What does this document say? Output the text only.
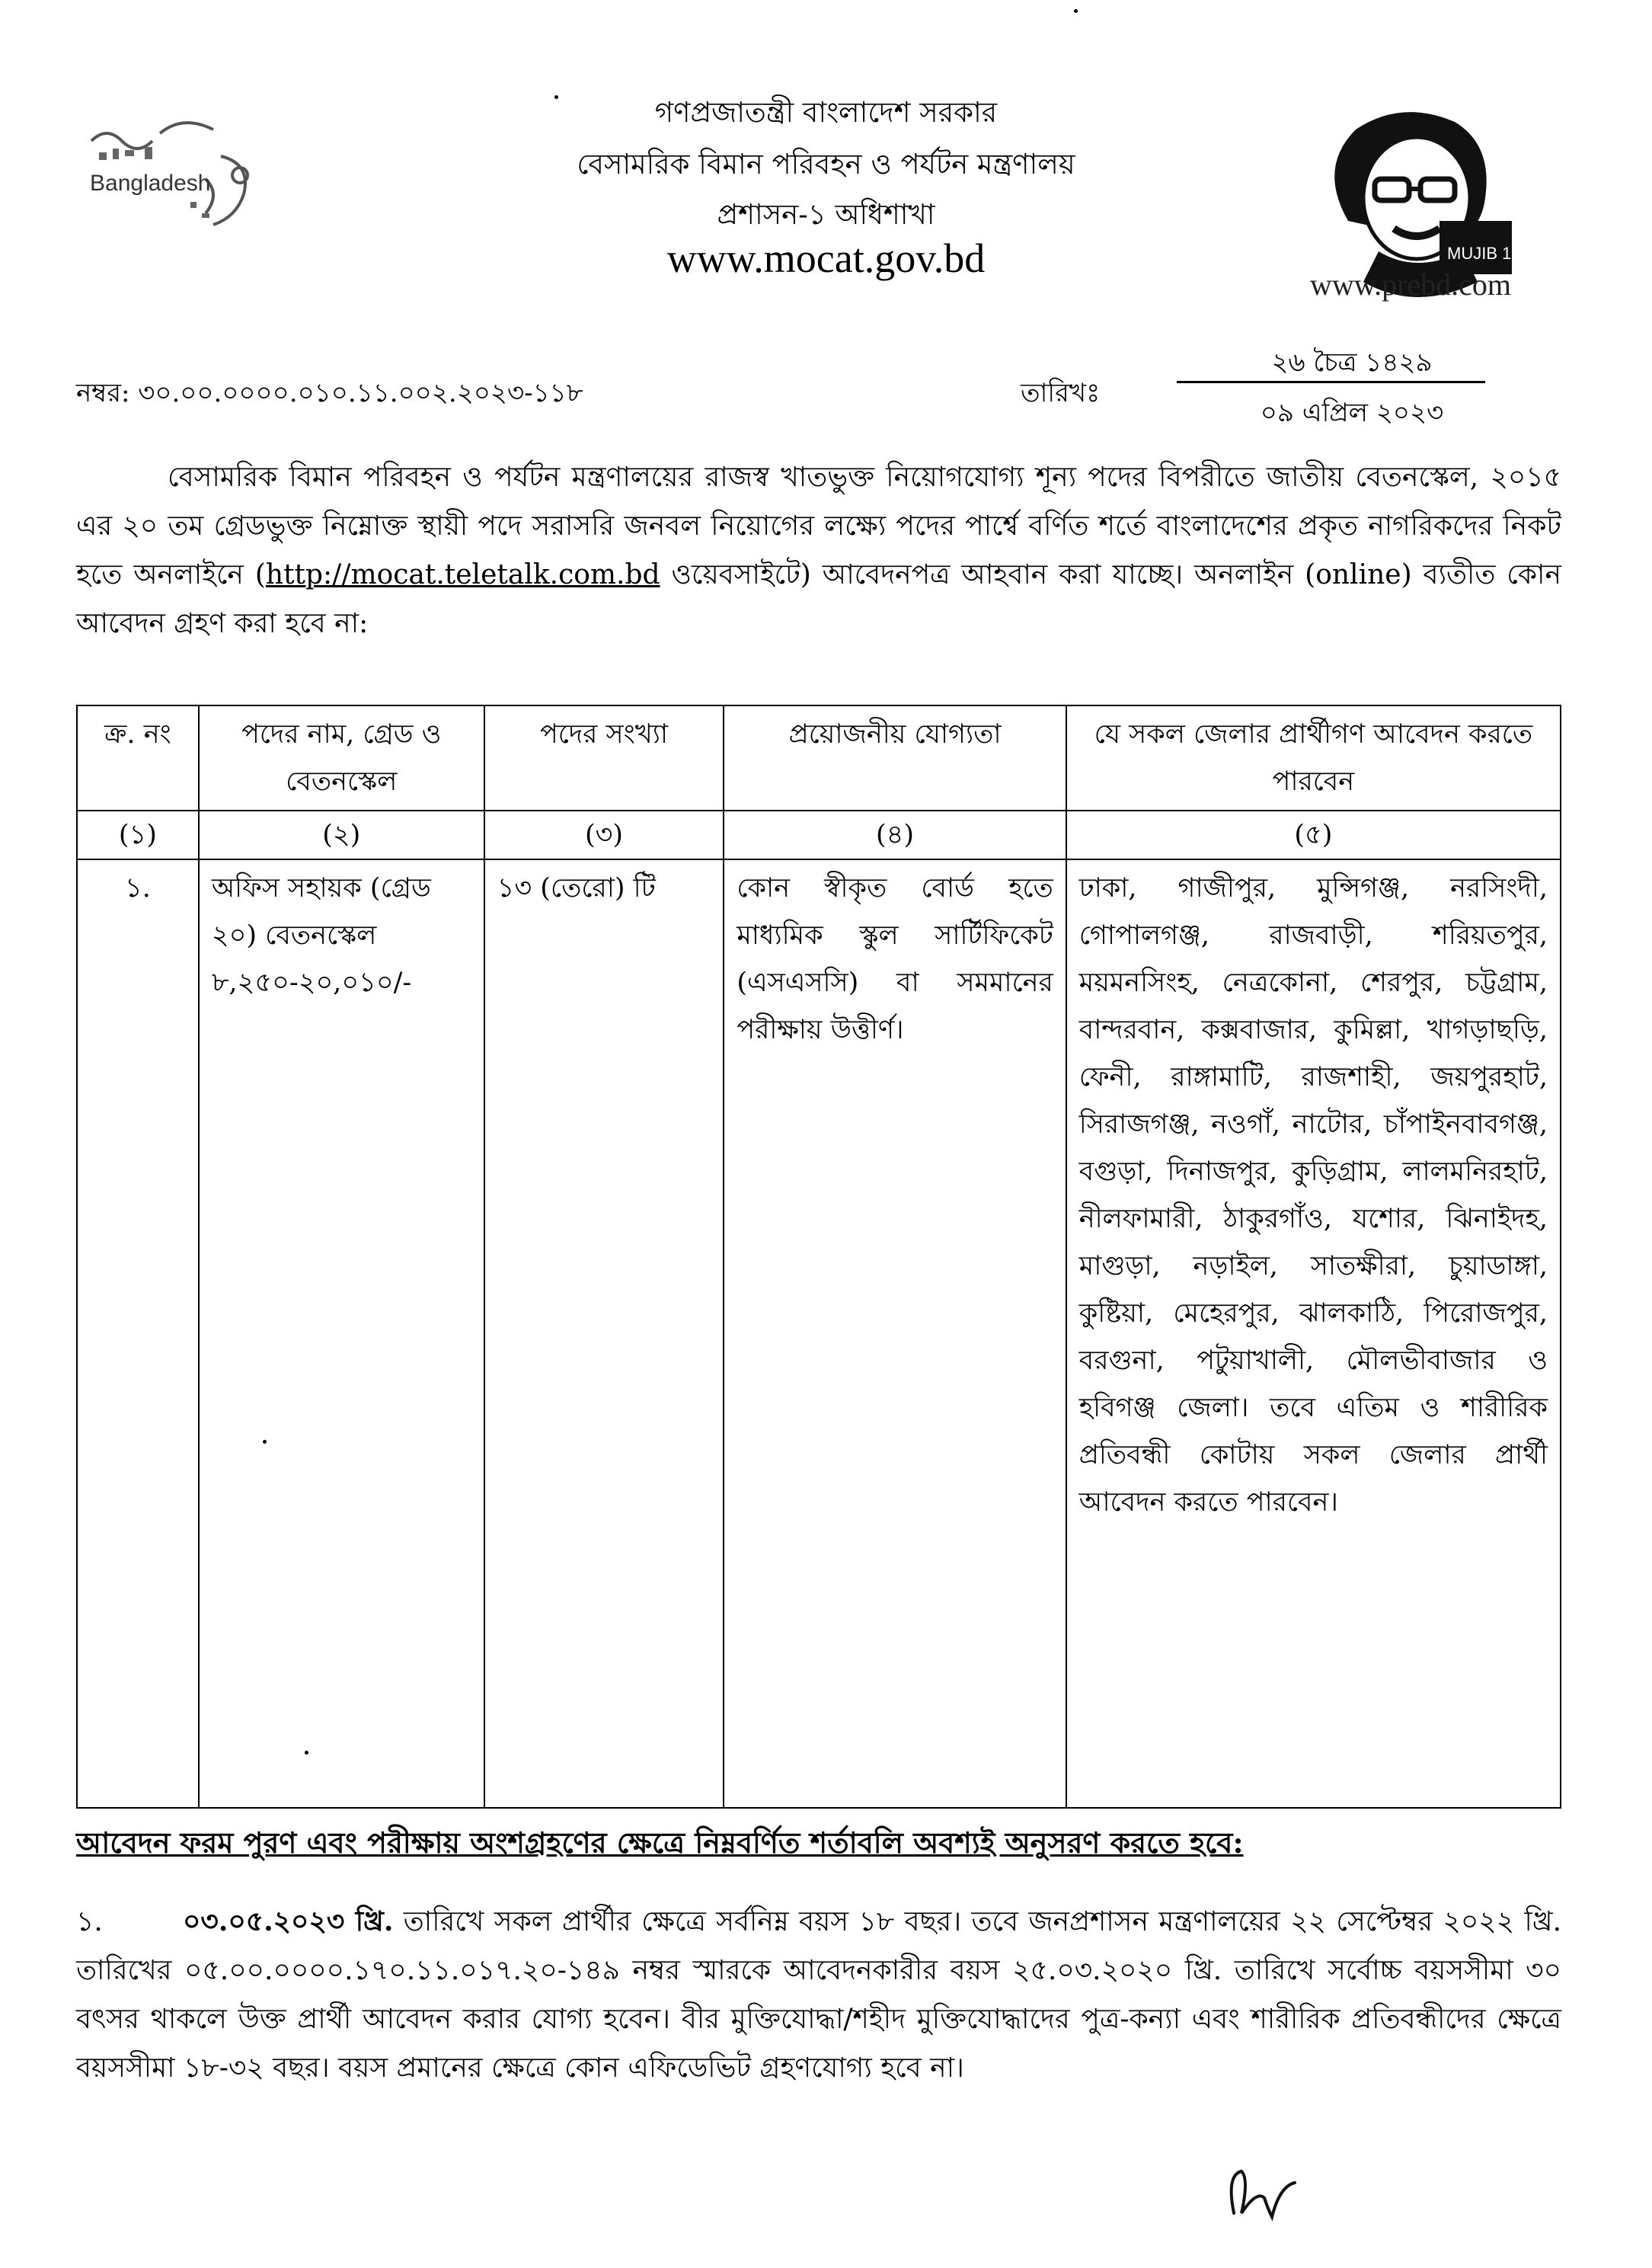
গণপ্রজাতন্ত্রী বাংলাদেশ সরকার
বেসামরিক বিমান পরিবহন ও পর্যটন মন্ত্রণালয়
প্রশাসন-১ অধিশাখা
www.mocat.gov.bd
Bangladesh
MUJIB 100
www.prebd.com
নম্বর: ৩০.০০.০০০০.০১০.১১.০০২.২০২৩-১১৮	তারিখঃ
২৬ চৈত্র ১৪২৯
০৯ এপ্রিল ২০২৩
বেসামরিক বিমান পরিবহন ও পর্যটন মন্ত্রণালয়ের রাজস্ব খাতভুক্ত নিয়োগযোগ্য শূন্য পদের বিপরীতে জাতীয় বেতনস্কেল, ২০১৫ এর ২০ তম গ্রেডভুক্ত নিম্নোক্ত স্থায়ী পদে সরাসরি জনবল নিয়োগের লক্ষ্যে পদের পার্শ্বে বর্ণিত শর্তে বাংলাদেশের প্রকৃত নাগরিকদের নিকট হতে অনলাইনে (http://mocat.teletalk.com.bd ওয়েবসাইটে) আবেদনপত্র আহবান করা যাচ্ছে। অনলাইন (online) ব্যতীত কোন আবেদন গ্রহণ করা হবে না:
ক্র. নং	পদের নাম, গ্রেড ও বেতনস্কেল	পদের সংখ্যা	প্রয়োজনীয় যোগ্যতা	যে সকল জেলার প্রার্থীগণ আবেদন করতে পারবেন
(১)	(২)	(৩)	(৪)	(৫)
১.	অফিস সহায়ক (গ্রেড ২০) বেতনস্কেল ৮,২৫০-২০,০১০/-	১৩ (তেরো) টি	কোন স্বীকৃত বোর্ড হতে মাধ্যমিক স্কুল সার্টিফিকেট (এসএসসি) বা সমমানের পরীক্ষায় উত্তীর্ণ।	ঢাকা, গাজীপুর, মুন্সিগঞ্জ, নরসিংদী, গোপালগঞ্জ, রাজবাড়ী, শরিয়তপুর, ময়মনসিংহ, নেত্রকোনা, শেরপুর, চট্টগ্রাম, বান্দরবান, কক্সবাজার, কুমিল্লা, খাগড়াছড়ি, ফেনী, রাঙ্গামাটি, রাজশাহী, জয়পুরহাট, সিরাজগঞ্জ, নওগাঁ, নাটোর, চাঁপাইনবাবগঞ্জ, বগুড়া, দিনাজপুর, কুড়িগ্রাম, লালমনিরহাট, নীলফামারী, ঠাকুরগাঁও, যশোর, ঝিনাইদহ, মাগুড়া, নড়াইল, সাতক্ষীরা, চুয়াডাঙ্গা, কুষ্টিয়া, মেহেরপুর, ঝালকাঠি, পিরোজপুর, বরগুনা, পটুয়াখালী, মৌলভীবাজার ও হবিগঞ্জ জেলা। তবে এতিম ও শারীরিক প্রতিবন্ধী কোটায় সকল জেলার প্রার্থী আবেদন করতে পারবেন।
আবেদন ফরম পুরণ এবং পরীক্ষায় অংশগ্রহণের ক্ষেত্রে নিম্নবর্ণিত শর্তাবলি অবশ্যই অনুসরণ করতে হবে:
১.	০৩.০৫.২০২৩ খ্রি. তারিখে সকল প্রার্থীর ক্ষেত্রে সর্বনিম্ন বয়স ১৮ বছর। তবে জনপ্রশাসন মন্ত্রণালয়ের ২২ সেপ্টেম্বর ২০২২ খ্রি. তারিখের ০৫.০০.০০০০.১৭০.১১.০১৭.২০-১৪৯ নম্বর স্মারকে আবেদনকারীর বয়স ২৫.০৩.২০২০ খ্রি. তারিখে সর্বোচ্চ বয়সসীমা ৩০ বৎসর থাকলে উক্ত প্রার্থী আবেদন করার যোগ্য হবেন। বীর মুক্তিযোদ্ধা/শহীদ মুক্তিযোদ্ধাদের পুত্র-কন্যা এবং শারীরিক প্রতিবন্ধীদের ক্ষেত্রে বয়সসীমা ১৮-৩২ বছর। বয়স প্রমানের ক্ষেত্রে কোন এফিডেভিট গ্রহণযোগ্য হবে না।
